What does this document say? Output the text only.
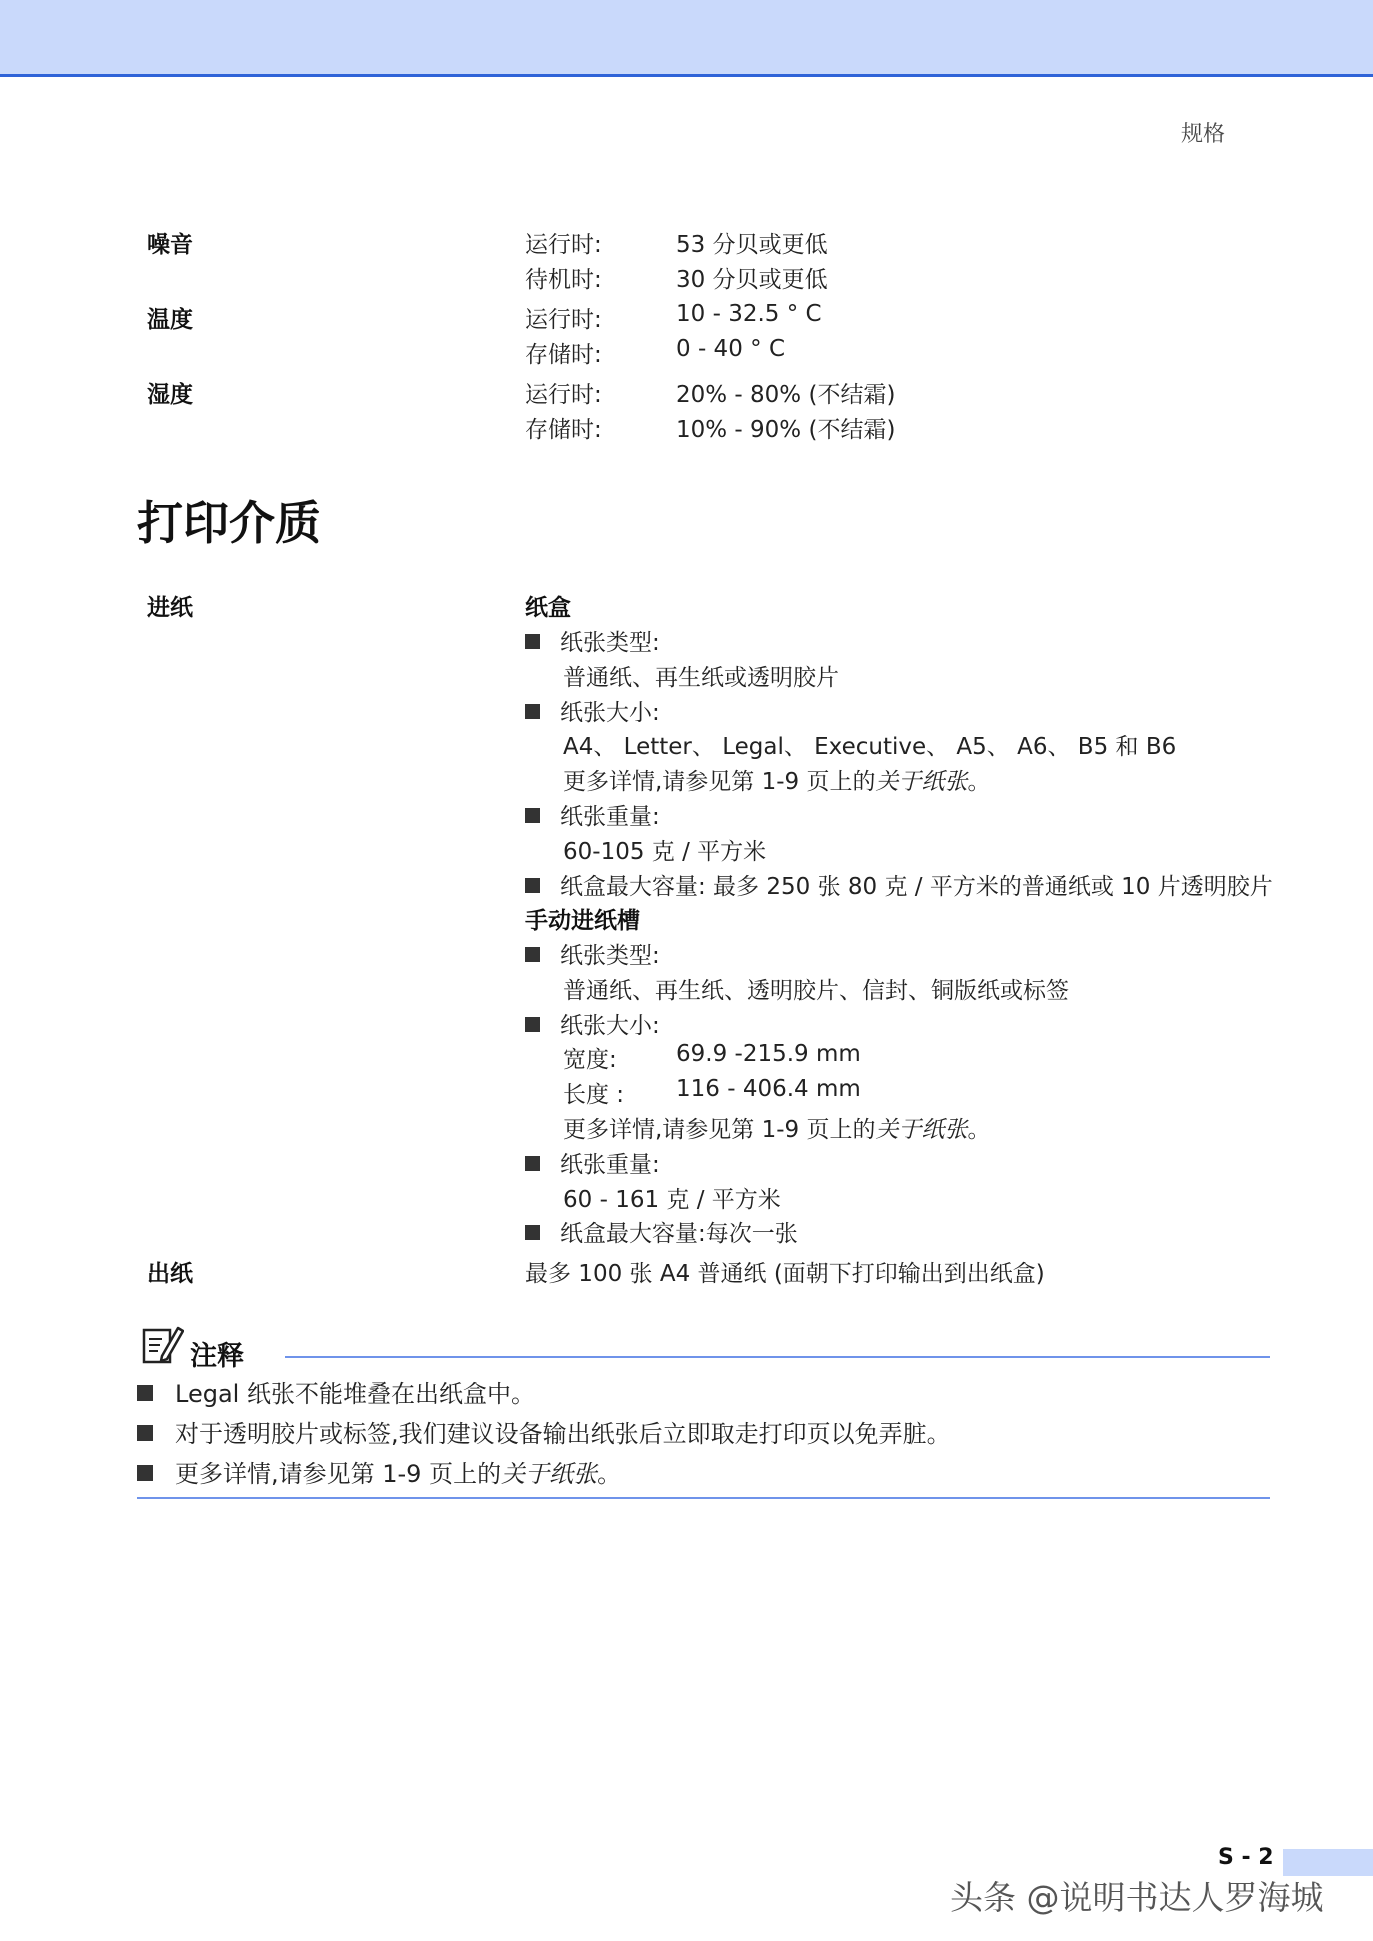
规格
噪音	运行时:	53 分贝或更低
待机时:	30 分贝或更低
温度	运行时:	10 - 32.5 ° C
存储时:	0 - 40 ° C
湿度	运行时:	20% - 80% (不结霜)
存储时:	10% - 90% (不结霜)
打印介质
进纸	纸盒
纸张类型:
普通纸、再生纸或透明胶片
纸张大小:
A4、 Letter、 Legal、 Executive、 A5、 A6、 B5 和 B6
更多详情,请参见第 1-9 页上的关于纸张。
纸张重量:
60-105 克 / 平方米
纸盒最大容量: 最多 250 张 80 克 / 平方米的普通纸或 10 片透明胶片
手动进纸槽
纸张类型:
普通纸、再生纸、透明胶片、信封、铜版纸或标签
纸张大小:
宽度:	69.9 -215.9 mm
长度 : 116 - 406.4 mm
更多详情,请参见第 1-9 页上的关于纸张。
纸张重量:
60 - 161 克 / 平方米
纸盒最大容量:每次一张
出纸	最多 100 张 A4 普通纸 (面朝下打印输出到出纸盒)
注释
Legal 纸张不能堆叠在出纸盒中。
对于透明胶片或标签,我们建议设备输出纸张后立即取走打印页以免弄脏。
更多详情,请参见第 1-9 页上的关于纸张。
S - 2
头条 @说明书达人罗海城
